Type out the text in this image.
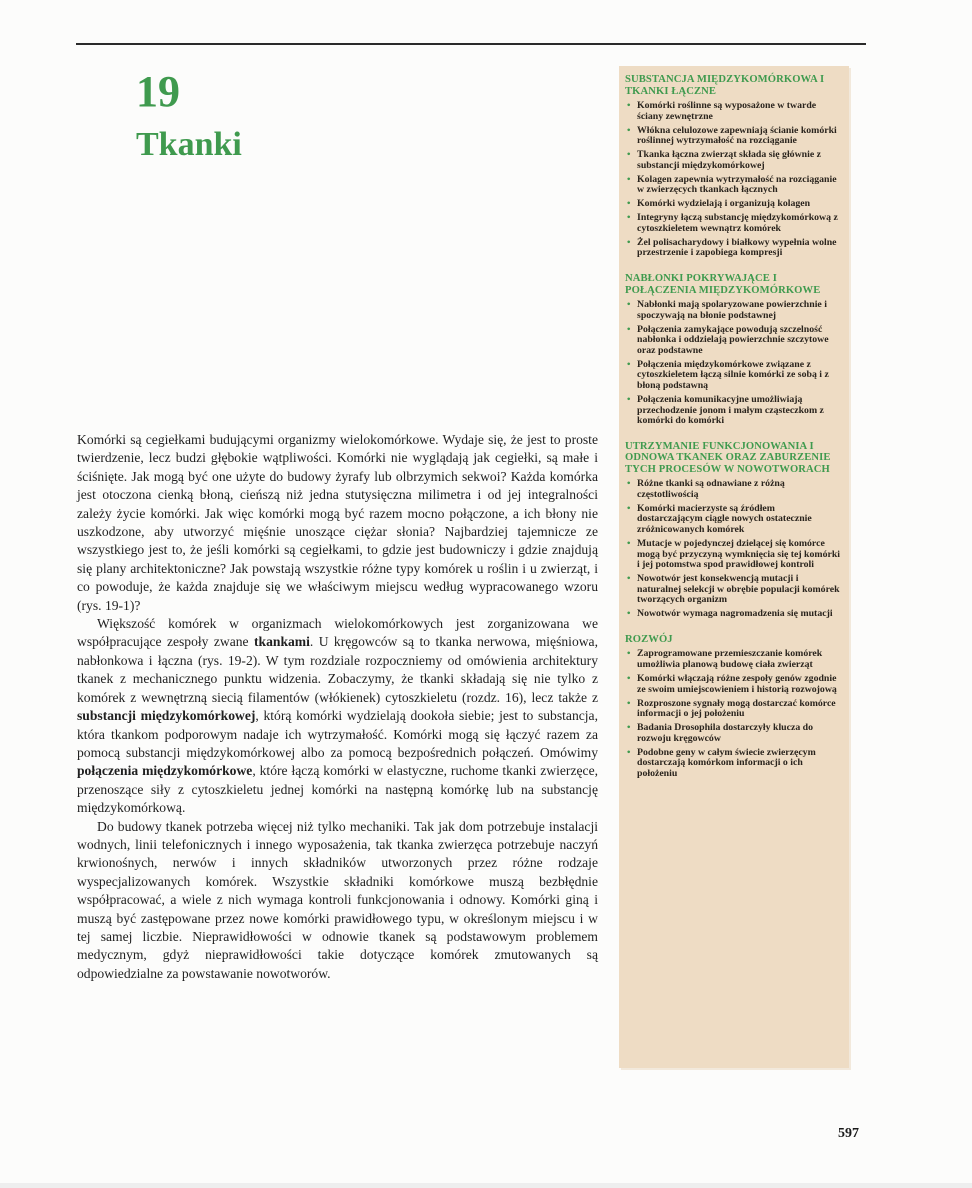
19
Tkanki

Komórki są cegiełkami budującymi organizmy wielokomórkowe. Wydaje się, że jest to proste twierdzenie, lecz budzi głębokie wątpliwości. Komórki nie wyglądają jak cegiełki, są małe i ściśnięte. Jak mogą być one użyte do budowy żyrafy lub olbrzymich sekwoi? Każda komórka jest otoczona cienką błoną, cieńszą niż jedna stutysięczna milimetra i od jej integralności zależy życie komórki. Jak więc komórki mogą być razem mocno połączone, a ich błony nie uszkodzone, aby utworzyć mięśnie unoszące ciężar słonia? Najbardziej tajemnicze ze wszystkiego jest to, że jeśli komórki są cegiełkami, to gdzie jest budowniczy i gdzie znajdują się plany architektoniczne? Jak powstają wszystkie różne typy komórek u roślin i u zwierząt, i co powoduje, że każda znajduje się we właściwym miejscu według wypracowanego wzoru (rys. 19-1)?

Większość komórek w organizmach wielokomórkowych jest zorganizowana we współpracujące zespoły zwane tkankami. U kręgowców są to tkanka nerwowa, mięśniowa, nabłonkowa i łączna (rys. 19-2). W tym rozdziale rozpoczniemy od omówienia architektury tkanek z mechanicznego punktu widzenia. Zobaczymy, że tkanki składają się nie tylko z komórek z wewnętrzną siecią filamentów (włókienek) cytoszkieletu (rozdz. 16), lecz także z substancji międzykomórkowej, którą komórki wydzielają dookoła siebie; jest to substancja, która tkankom podporowym nadaje ich wytrzymałość. Komórki mogą się łączyć razem za pomocą substancji międzykomórkowej albo za pomocą bezpośrednich połączeń. Omówimy połączenia międzykomórkowe, które łączą komórki w elastyczne, ruchome tkanki zwierzęce, przenoszące siły z cytoszkieletu jednej komórki na następną komórkę lub na substancję międzykomórkową.

Do budowy tkanek potrzeba więcej niż tylko mechaniki. Tak jak dom potrzebuje instalacji wodnych, linii telefonicznych i innego wyposażenia, tak tkanka zwierzęca potrzebuje naczyń krwionośnych, nerwów i innych składników utworzonych przez różne rodzaje wyspecjalizowanych komórek. Wszystkie składniki komórkowe muszą bezbłędnie współpracować, a wiele z nich wymaga kontroli funkcjonowania i odnowy. Komórki giną i muszą być zastępowane przez nowe komórki prawidłowego typu, w określonym miejscu i w tej samej liczbie. Nieprawidłowości w odnowie tkanek są podstawowym problemem medycznym, gdyż nieprawidłowości takie dotyczące komórek zmutowanych są odpowiedzialne za powstawanie nowotworów.

SUBSTANCJA MIĘDZYKOMÓRKOWA I TKANKI ŁĄCZNE
• Komórki roślinne są wyposażone w twarde ściany zewnętrzne
• Włókna celulozowe zapewniają ścianie komórki roślinnej wytrzymałość na rozciąganie
• Tkanka łączna zwierząt składa się głównie z substancji międzykomórkowej
• Kolagen zapewnia wytrzymałość na rozciąganie w zwierzęcych tkankach łącznych
• Komórki wydzielają i organizują kolagen
• Integryny łączą substancję międzykomórkową z cytoszkieletem wewnątrz komórek
• Żel polisacharydowy i białkowy wypełnia wolne przestrzenie i zapobiega kompresji
NABŁONKI POKRYWAJĄCE I POŁĄCZENIA MIĘDZYKOMÓRKOWE
• Nabłonki mają spolaryzowane powierzchnie i spoczywają na błonie podstawnej
• Połączenia zamykające powodują szczelność nabłonka i oddzielają powierzchnie szczytowe oraz podstawne
• Połączenia międzykomórkowe związane z cytoszkieletem łączą silnie komórki ze sobą i z błoną podstawną
• Połączenia komunikacyjne umożliwiają przechodzenie jonom i małym cząsteczkom z komórki do komórki
UTRZYMANIE FUNKCJONOWANIA I ODNOWA TKANEK ORAZ ZABURZENIE TYCH PROCESÓW W NOWOTWORACH
• Różne tkanki są odnawiane z różną częstotliwością
• Komórki macierzyste są źródłem dostarczającym ciągle nowych ostatecznie zróżnicowanych komórek
• Mutacje w pojedynczej dzielącej się komórce mogą być przyczyną wymknięcia się tej komórki i jej potomstwa spod prawidłowej kontroli
• Nowotwór jest konsekwencją mutacji i naturalnej selekcji w obrębie populacji komórek tworzących organizm
• Nowotwór wymaga nagromadzenia się mutacji
ROZWÓJ
• Zaprogramowane przemieszczanie komórek umożliwia planową budowę ciała zwierząt
• Komórki włączają różne zespoły genów zgodnie ze swoim umiejscowieniem i historią rozwojową
• Rozproszone sygnały mogą dostarczać komórce informacji o jej położeniu
• Badania Drosophila dostarczyły klucza do rozwoju kręgowców
• Podobne geny w całym świecie zwierzęcym dostarczają komórkom informacji o ich położeniu
597
